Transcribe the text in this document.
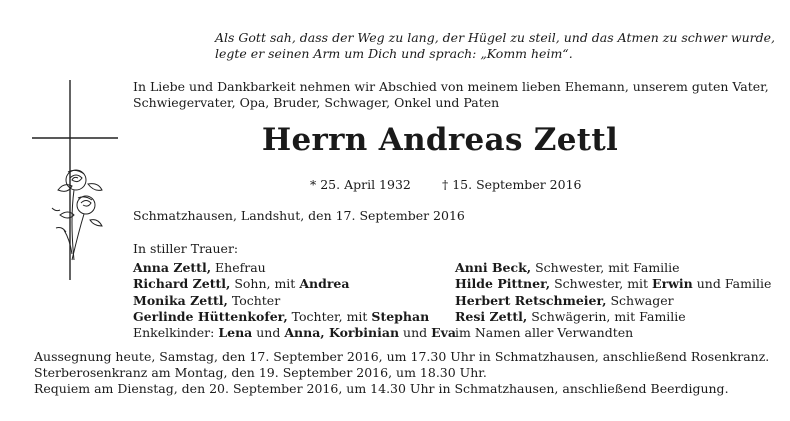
Als Gott sah, dass der Weg zu lang, der Hügel zu steil, und das Atmen zu schwer wurde,
legte er seinen Arm um Dich und sprach: „Komm heim“.
In Liebe und Dankbarkeit nehmen wir Abschied von meinem lieben Ehemann, unserem guten Vater,
Schwiegervater, Opa, Bruder, Schwager, Onkel und Paten
Herrn Andreas Zettl
* 25. April 1932 † 15. September 2016
Schmatzhausen, Landshut, den 17. September 2016
In stiller Trauer:
Anna Zettl, Ehefrau
Richard Zettl, Sohn, mit Andrea
Monika Zettl, Tochter
Gerlinde Hüttenkofer, Tochter, mit Stephan
Enkelkinder: Lena und Anna, Korbinian und Eva
Anni Beck, Schwester, mit Familie
Hilde Pittner, Schwester, mit Erwin und Familie
Herbert Retschmeier, Schwager
Resi Zettl, Schwägerin, mit Familie
im Namen aller Verwandten
Aussegnung heute, Samstag, den 17. September 2016, um 17.30 Uhr in Schmatzhausen, anschließend Rosenkranz.
Sterberosenkranz am Montag, den 19. September 2016, um 18.30 Uhr.
Requiem am Dienstag, den 20. September 2016, um 14.30 Uhr in Schmatzhausen, anschließend Beerdigung.
